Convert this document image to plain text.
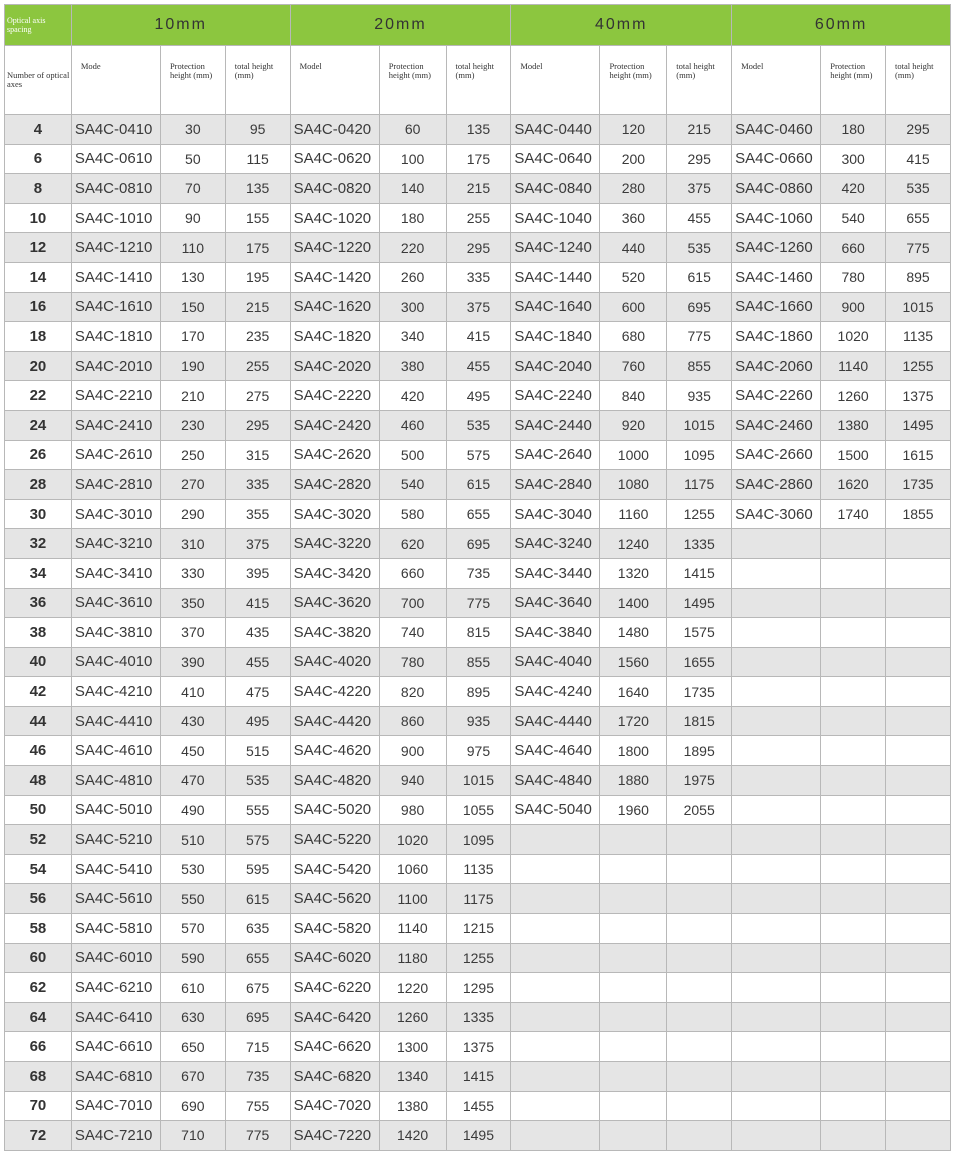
Optical axis spacing	10mm			20mm			40mm			60mm		
Number of optical axes	Mode	Protection height (mm)	total height (mm)	Model	Protection height (mm)	total height (mm)	Model	Protection height (mm)	total height (mm)	Model	Protection height (mm)	total height (mm)
4	SA4C-0410	30	95	SA4C-0420	60	135	SA4C-0440	120	215	SA4C-0460	180	295
6	SA4C-0610	50	115	SA4C-0620	100	175	SA4C-0640	200	295	SA4C-0660	300	415
8	SA4C-0810	70	135	SA4C-0820	140	215	SA4C-0840	280	375	SA4C-0860	420	535
10	SA4C-1010	90	155	SA4C-1020	180	255	SA4C-1040	360	455	SA4C-1060	540	655
12	SA4C-1210	110	175	SA4C-1220	220	295	SA4C-1240	440	535	SA4C-1260	660	775
14	SA4C-1410	130	195	SA4C-1420	260	335	SA4C-1440	520	615	SA4C-1460	780	895
16	SA4C-1610	150	215	SA4C-1620	300	375	SA4C-1640	600	695	SA4C-1660	900	1015
18	SA4C-1810	170	235	SA4C-1820	340	415	SA4C-1840	680	775	SA4C-1860	1020	1135
20	SA4C-2010	190	255	SA4C-2020	380	455	SA4C-2040	760	855	SA4C-2060	1140	1255
22	SA4C-2210	210	275	SA4C-2220	420	495	SA4C-2240	840	935	SA4C-2260	1260	1375
24	SA4C-2410	230	295	SA4C-2420	460	535	SA4C-2440	920	1015	SA4C-2460	1380	1495
26	SA4C-2610	250	315	SA4C-2620	500	575	SA4C-2640	1000	1095	SA4C-2660	1500	1615
28	SA4C-2810	270	335	SA4C-2820	540	615	SA4C-2840	1080	1175	SA4C-2860	1620	1735
30	SA4C-3010	290	355	SA4C-3020	580	655	SA4C-3040	1160	1255	SA4C-3060	1740	1855
32	SA4C-3210	310	375	SA4C-3220	620	695	SA4C-3240	1240	1335			
34	SA4C-3410	330	395	SA4C-3420	660	735	SA4C-3440	1320	1415			
36	SA4C-3610	350	415	SA4C-3620	700	775	SA4C-3640	1400	1495			
38	SA4C-3810	370	435	SA4C-3820	740	815	SA4C-3840	1480	1575			
40	SA4C-4010	390	455	SA4C-4020	780	855	SA4C-4040	1560	1655			
42	SA4C-4210	410	475	SA4C-4220	820	895	SA4C-4240	1640	1735			
44	SA4C-4410	430	495	SA4C-4420	860	935	SA4C-4440	1720	1815			
46	SA4C-4610	450	515	SA4C-4620	900	975	SA4C-4640	1800	1895			
48	SA4C-4810	470	535	SA4C-4820	940	1015	SA4C-4840	1880	1975			
50	SA4C-5010	490	555	SA4C-5020	980	1055	SA4C-5040	1960	2055			
52	SA4C-5210	510	575	SA4C-5220	1020	1095						
54	SA4C-5410	530	595	SA4C-5420	1060	1135						
56	SA4C-5610	550	615	SA4C-5620	1100	1175						
58	SA4C-5810	570	635	SA4C-5820	1140	1215						
60	SA4C-6010	590	655	SA4C-6020	1180	1255						
62	SA4C-6210	610	675	SA4C-6220	1220	1295						
64	SA4C-6410	630	695	SA4C-6420	1260	1335						
66	SA4C-6610	650	715	SA4C-6620	1300	1375						
68	SA4C-6810	670	735	SA4C-6820	1340	1415						
70	SA4C-7010	690	755	SA4C-7020	1380	1455						
72	SA4C-7210	710	775	SA4C-7220	1420	1495						
